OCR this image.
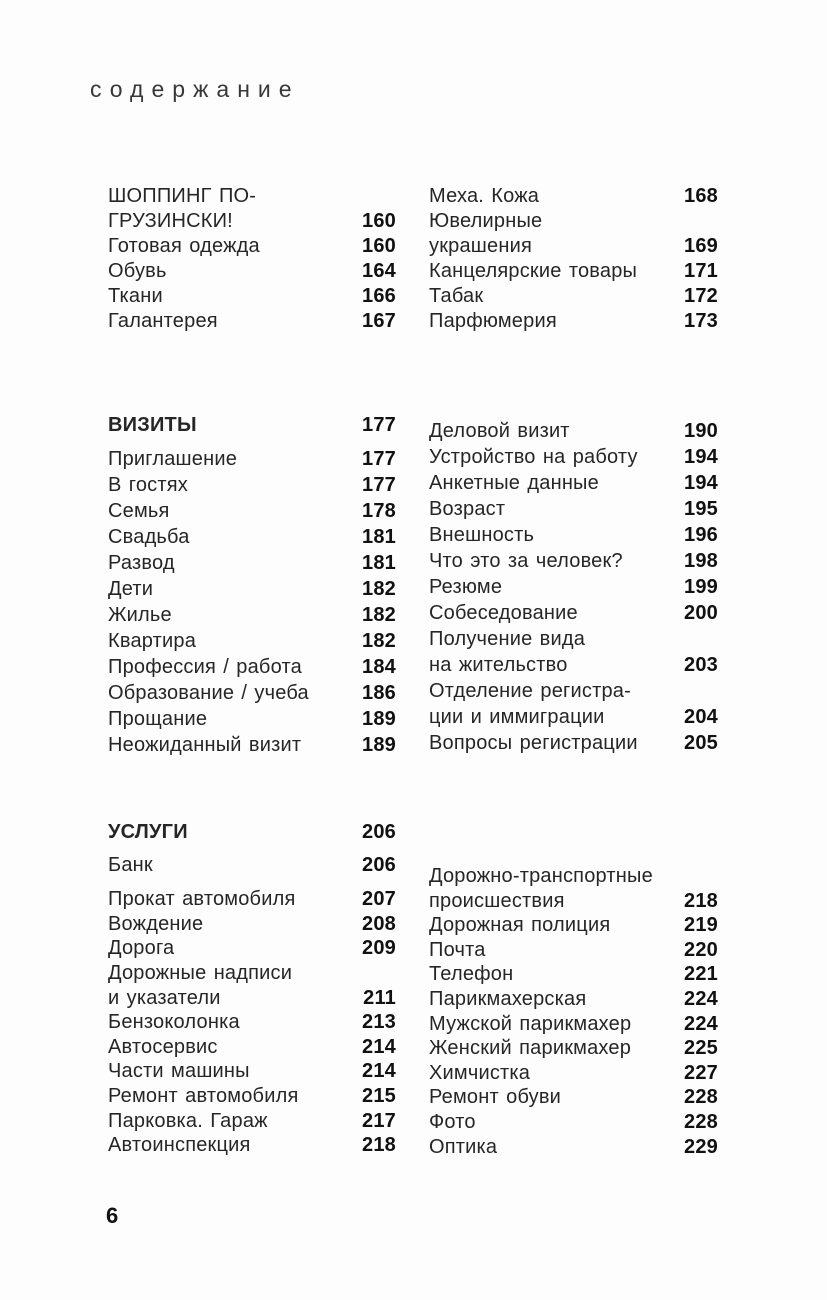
содержание
ШОППИНГ ПО-
ГРУЗИНСКИ!	160
Готовая одежда	160
Обувь	164
Ткани	166
Галантерея	167
Меха. Кожа	168
Ювелирные
украшения	169
Канцелярские товары	171
Табак	172
Парфюмерия	173
ВИЗИТЫ	177
Приглашение	177
В гостях	177
Семья	178
Свадьба	181
Развод	181
Дети	182
Жилье	182
Квартира	182
Профессия / работа	184
Образование / учеба	186
Прощание	189
Неожиданный визит	189
Деловой визит	190
Устройство на работу	194
Анкетные данные	194
Возраст	195
Внешность	196
Что это за человек?	198
Резюме	199
Собеседование	200
Получение вида
на жительство	203
Отделение регистра-
ции и иммиграции	204
Вопросы регистрации	205
УСЛУГИ	206
Банк	206
Прокат автомобиля	207
Вождение	208
Дорога	209
Дорожные надписи
и указатели	211
Бензоколонка	213
Автосервис	214
Части машины	214
Ремонт автомобиля	215
Парковка. Гараж	217
Автоинспекция	218
Дорожно-транспортные
происшествия	218
Дорожная полиция	219
Почта	220
Телефон	221
Парикмахерская	224
Мужской парикмахер	224
Женский парикмахер	225
Химчистка	227
Ремонт обуви	228
Фото	228
Оптика	229
6
